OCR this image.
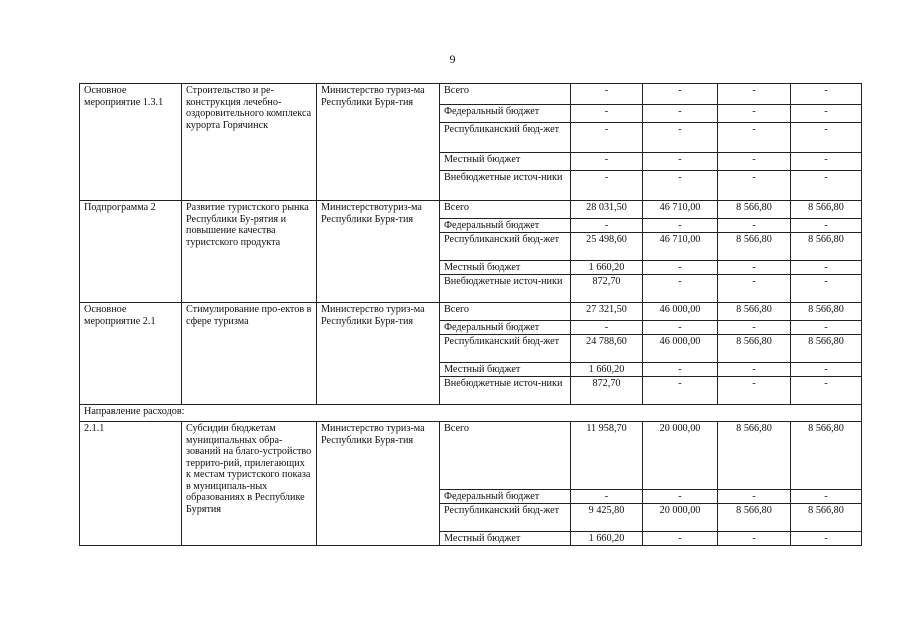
9
Основное мероприятие 1.3.1	Строительство и ре-конструкция лечебно-оздоровительного комплекса курорта Горячинск	Министерство туриз-ма Республики Буря-тия	Всего	-	-	-	-
			Федеральный бюджет	-	-	-	-
			Республиканский бюд-жет	-	-	-	-
			Местный бюджет	-	-	-	-
			Внебюджетные источ-ники	-	-	-	-
Подпрограмма 2	Развитие туристского рынка Республики Бу-рятия и повышение качества туристского продукта	Министерствотуриз-ма Республики Буря-тия	Всего	28 031,50	46 710,00	8 566,80	8 566,80
			Федеральный бюджет	-	-	-	-
			Республиканский бюд-жет	25 498,60	46 710,00	8 566,80	8 566,80
			Местный бюджет	1 660,20	-	-	-
			Внебюджетные источ-ники	872,70	-	-	-
Основное мероприятие 2.1	Стимулирование про-ектов в сфере туризма	Министерство туриз-ма Республики Буря-тия	Всего	27 321,50	46 000,00	8 566,80	8 566,80
			Федеральный бюджет	-	-	-	-
			Республиканский бюд-жет	24 788,60	46 000,00	8 566,80	8 566,80
			Местный бюджет	1 660,20	-	-	-
			Внебюджетные источ-ники	872,70	-	-	-
Направление расходов:							
2.1.1	Субсидии бюджетам муниципальных обра-зований на благо-устройство террито-рий, прилегающих к местам туристского показа в муниципаль-ных образованиях в Республике Бурятия	Министерство туриз-ма Республики Буря-тия	Всего	11 958,70	20 000,00	8 566,80	8 566,80
			Федеральный бюджет	-	-	-	-
			Республиканский бюд-жет	9 425,80	20 000,00	8 566,80	8 566,80
			Местный бюджет	1 660,20	-	-	-
